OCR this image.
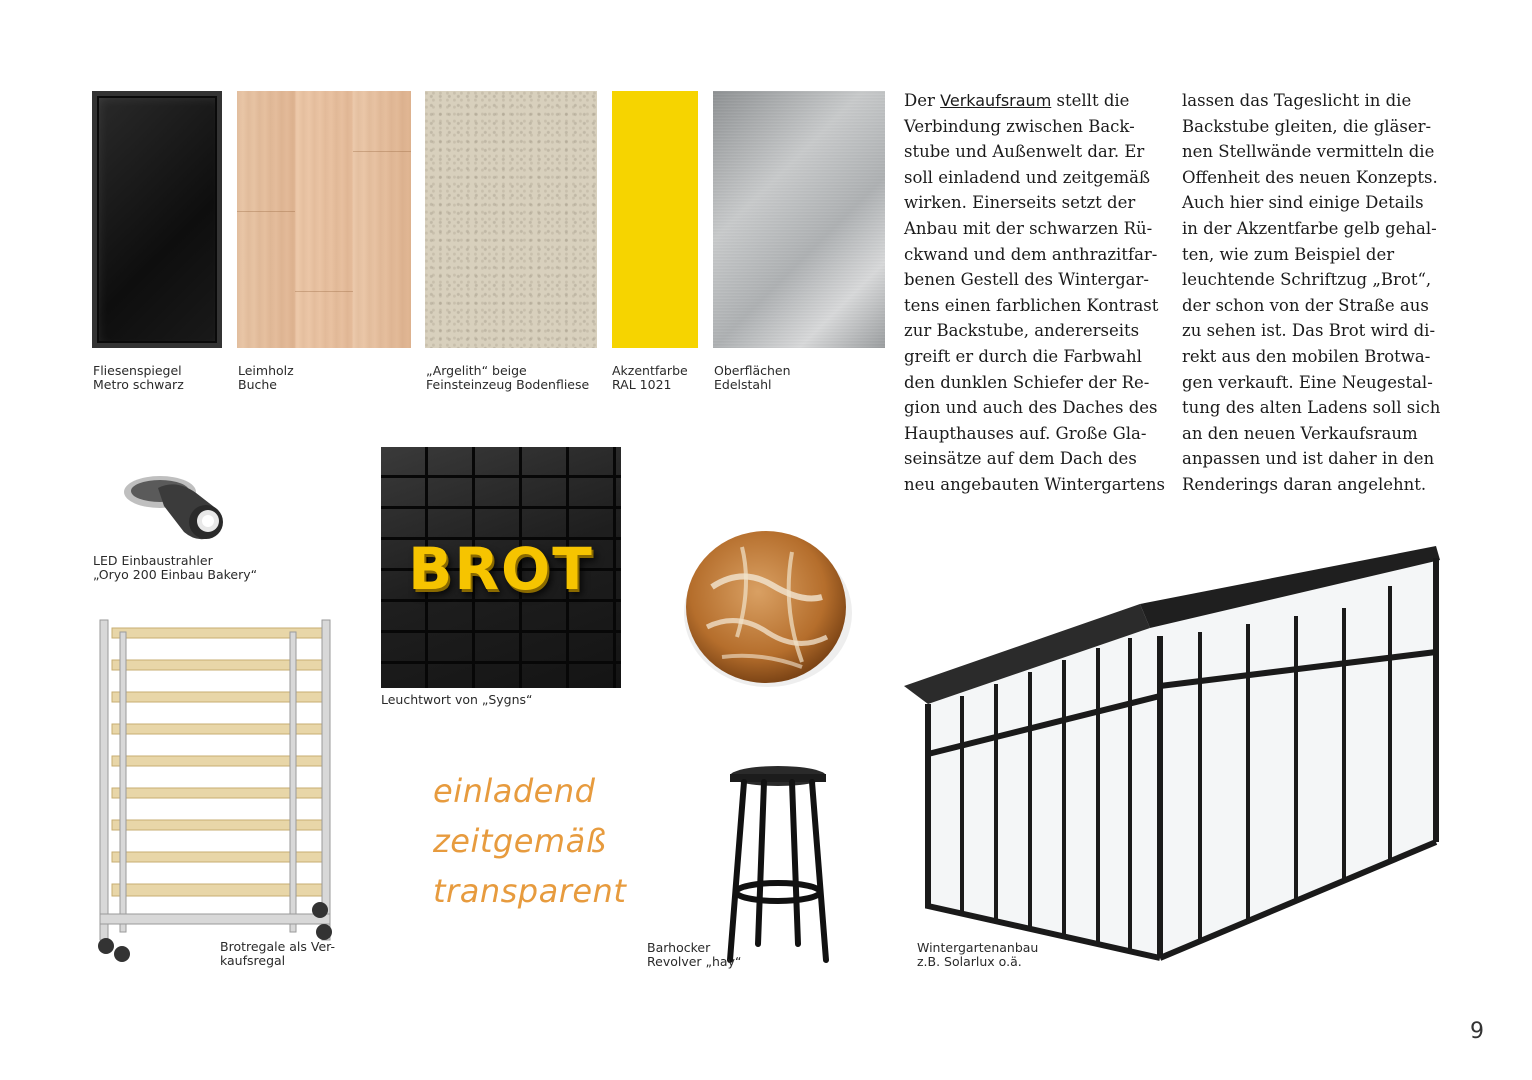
Fliesenspiegel
Metro schwarz
Leimholz
Buche
„Argelith“ beige
Feinsteinzeug Bodenfliese
Akzentfarbe
RAL 1021
Oberflächen
Edelstahl
Der Verkaufsraum stellt die
Verbindung zwischen Back-
stube und Außenwelt dar. Er
soll einladend und zeitgemäß
wirken. Einerseits setzt der
Anbau mit der schwarzen Rü-
ckwand und dem anthrazitfar-
benen Gestell des Wintergar-
tens einen farblichen Kontrast
zur Backstube, andererseits
greift er durch die Farbwahl
den dunklen Schiefer der Re-
gion und auch des Daches des
Haupthauses auf. Große Gla-
seinsätze auf dem Dach des
neu angebauten Wintergartens
lassen das Tageslicht in die
Backstube gleiten, die gläser-
nen Stellwände vermitteln die
Offenheit des neuen Konzepts.
Auch hier sind einige Details
in der Akzentfarbe gelb gehal-
ten, wie zum Beispiel der
leuchtende Schriftzug „Brot“,
der schon von der Straße aus
zu sehen ist. Das Brot wird di-
rekt aus den mobilen Brotwa-
gen verkauft. Eine Neugestal-
tung des alten Ladens soll sich
an den neuen Verkaufsraum
anpassen und ist daher in den
Renderings daran angelehnt.
LED Einbaustrahler
„Oryo 200 Einbau Bakery“	BROT
Leuchtwort von „Sygns“
Brotregale als Ver-
kaufsregal
einladend
zeitgemäß
transparent
Barhocker
Revolver „hay“
Wintergartenanbau
z.B. Solarlux o.ä.
9
